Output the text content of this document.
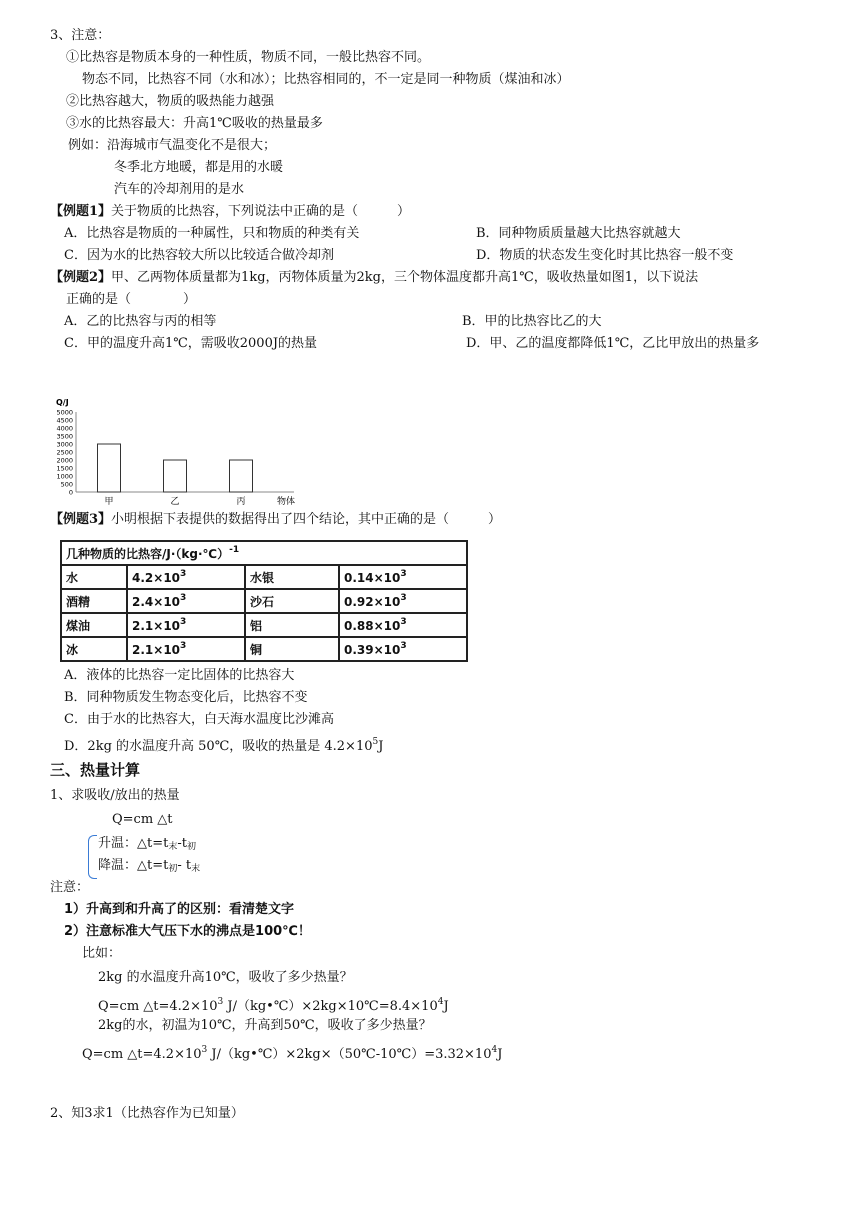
3、注意：
①比热容是物质本身的一种性质，物质不同，一般比热容不同。
物态不同，比热容不同（水和冰）；比热容相同的，不一定是同一种物质（煤油和冰）
②比热容越大，物质的吸热能力越强
③水的比热容最大：升高1℃吸收的热量最多
例如：沿海城市气温变化不是很大；
冬季北方地暖，都是用的水暖
汽车的冷却剂用的是水
【例题1】关于物质的比热容，下列说法中正确的是（　　　）
A．比热容是物质的一种属性，只和物质的种类有关	B．同种物质质量越大比热容就越大
C．因为水的比热容较大所以比较适合做冷却剂	D．物质的状态发生变化时其比热容一般不变
【例题2】甲、乙两物体质量都为1kg，丙物体质量为2kg，三个物体温度都升高1℃，吸收热量如图1，以下说法
正确的是（　　　　）
A．乙的比热容与丙的相等	B．甲的比热容比乙的大
C．甲的温度升高1℃，需吸收2000J的热量	D．甲、乙的温度都降低1℃，乙比甲放出的热量多
Q/J
5000
4500
4000
3500
3000
2500
2000
1500
1000
500
0
甲	乙	丙	物体
【例题3】小明根据下表提供的数据得出了四个结论，其中正确的是（　　　）
几种物质的比热容/J·（kg·℃）$^{-1}$
水	$4.2\times 10^3$	水银	$0.14\times 10^3$
酒精	$2.4\times 10^3$	沙石	$0.92\times 10^3$
煤油	$2.1\times 10^3$	铝	$0.88\times 10^3$
冰	$2.1\times 10^3$	铜	$0.39\times 10^3$
A．液体的比热容一定比固体的比热容大
B．同种物质发生物态变化后，比热容不变
C．由于水的比热容大，白天海水温度比沙滩高
D．2kg 的水温度升高 50℃，吸收的热量是 $4.2\times 10^5J$
三、热量计算
1、求吸收/放出的热量
Q=cm △t
升温：△t=t末-t初
降温：△t=t初- t末
注意：
1）升高到和升高了的区别：看清楚文字
2）注意标准大气压下水的沸点是100℃！
比如：
2kg 的水温度升高10℃，吸收了多少热量？
Q=cm $\triangle t=4.2\times 10^3$ $J/(kg•℃)\times 2kg\times 10℃=8.4\times 10^4J$
2kg的水，初温为10℃，升高到50℃，吸收了多少热量？
Q=cm $\triangle t=4.2\times 10^3$ $J/(kg•℃)\times 2kg\times(50℃-10℃)=3.32\times 10^4J$
2、知3求1（比热容作为已知量）
